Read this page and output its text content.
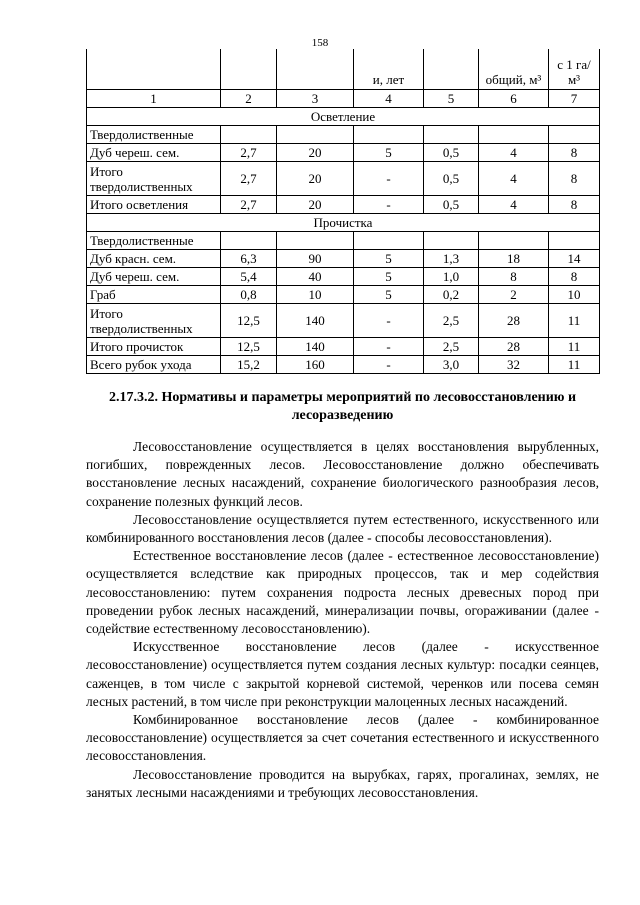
158
			и, лет		общий, м³	с 1 га/м³
1	2	3	4	5	6	7
Осветление						
Твердолиственные						
Дуб череш. сем.	2,7	20	5	0,5	4	8
Итого твердолиственных	2,7	20	-	0,5	4	8
Итого осветления	2,7	20	-	0,5	4	8
Прочистка						
Твердолиственные						
Дуб красн. сем.	6,3	90	5	1,3	18	14
Дуб череш. сем.	5,4	40	5	1,0	8	8
Граб	0,8	10	5	0,2	2	10
Итого твердолиственных	12,5	140	-	2,5	28	11
Итого прочисток	12,5	140	-	2,5	28	11
Всего рубок ухода	15,2	160	-	3,0	32	11
2.17.3.2. Нормативы и параметры мероприятий по лесовосстановлению и лесоразведению

Лесовосстановление осуществляется в целях восстановления вырубленных, погибших, поврежденных лесов. Лесовосстановление должно обеспечивать восстановление лесных насаждений, сохранение биологического разнообразия лесов, сохранение полезных функций лесов.

Лесовосстановление осуществляется путем естественного, искусственного или комбинированного восстановления лесов (далее - способы лесовосстановления).

Естественное восстановление лесов (далее - естественное лесовосстановление) осуществляется вследствие как природных процессов, так и мер содействия лесовосстановлению: путем сохранения подроста лесных древесных пород при проведении рубок лесных насаждений, минерализации почвы, огораживании (далее - содействие естественному лесовосстановлению).

Искусственное восстановление лесов (далее - искусственное лесовосстановление) осуществляется путем создания лесных культур: посадки сеянцев, саженцев, в том числе с закрытой корневой системой, черенков или посева семян лесных растений, в том числе при реконструкции малоценных лесных насаждений.

Комбинированное восстановление лесов (далее - комбинированное лесовосстановление) осуществляется за счет сочетания естественного и искусственного лесовосстановления.

Лесовосстановление проводится на вырубках, гарях, прогалинах, землях, не занятых лесными насаждениями и требующих лесовосстановления.
